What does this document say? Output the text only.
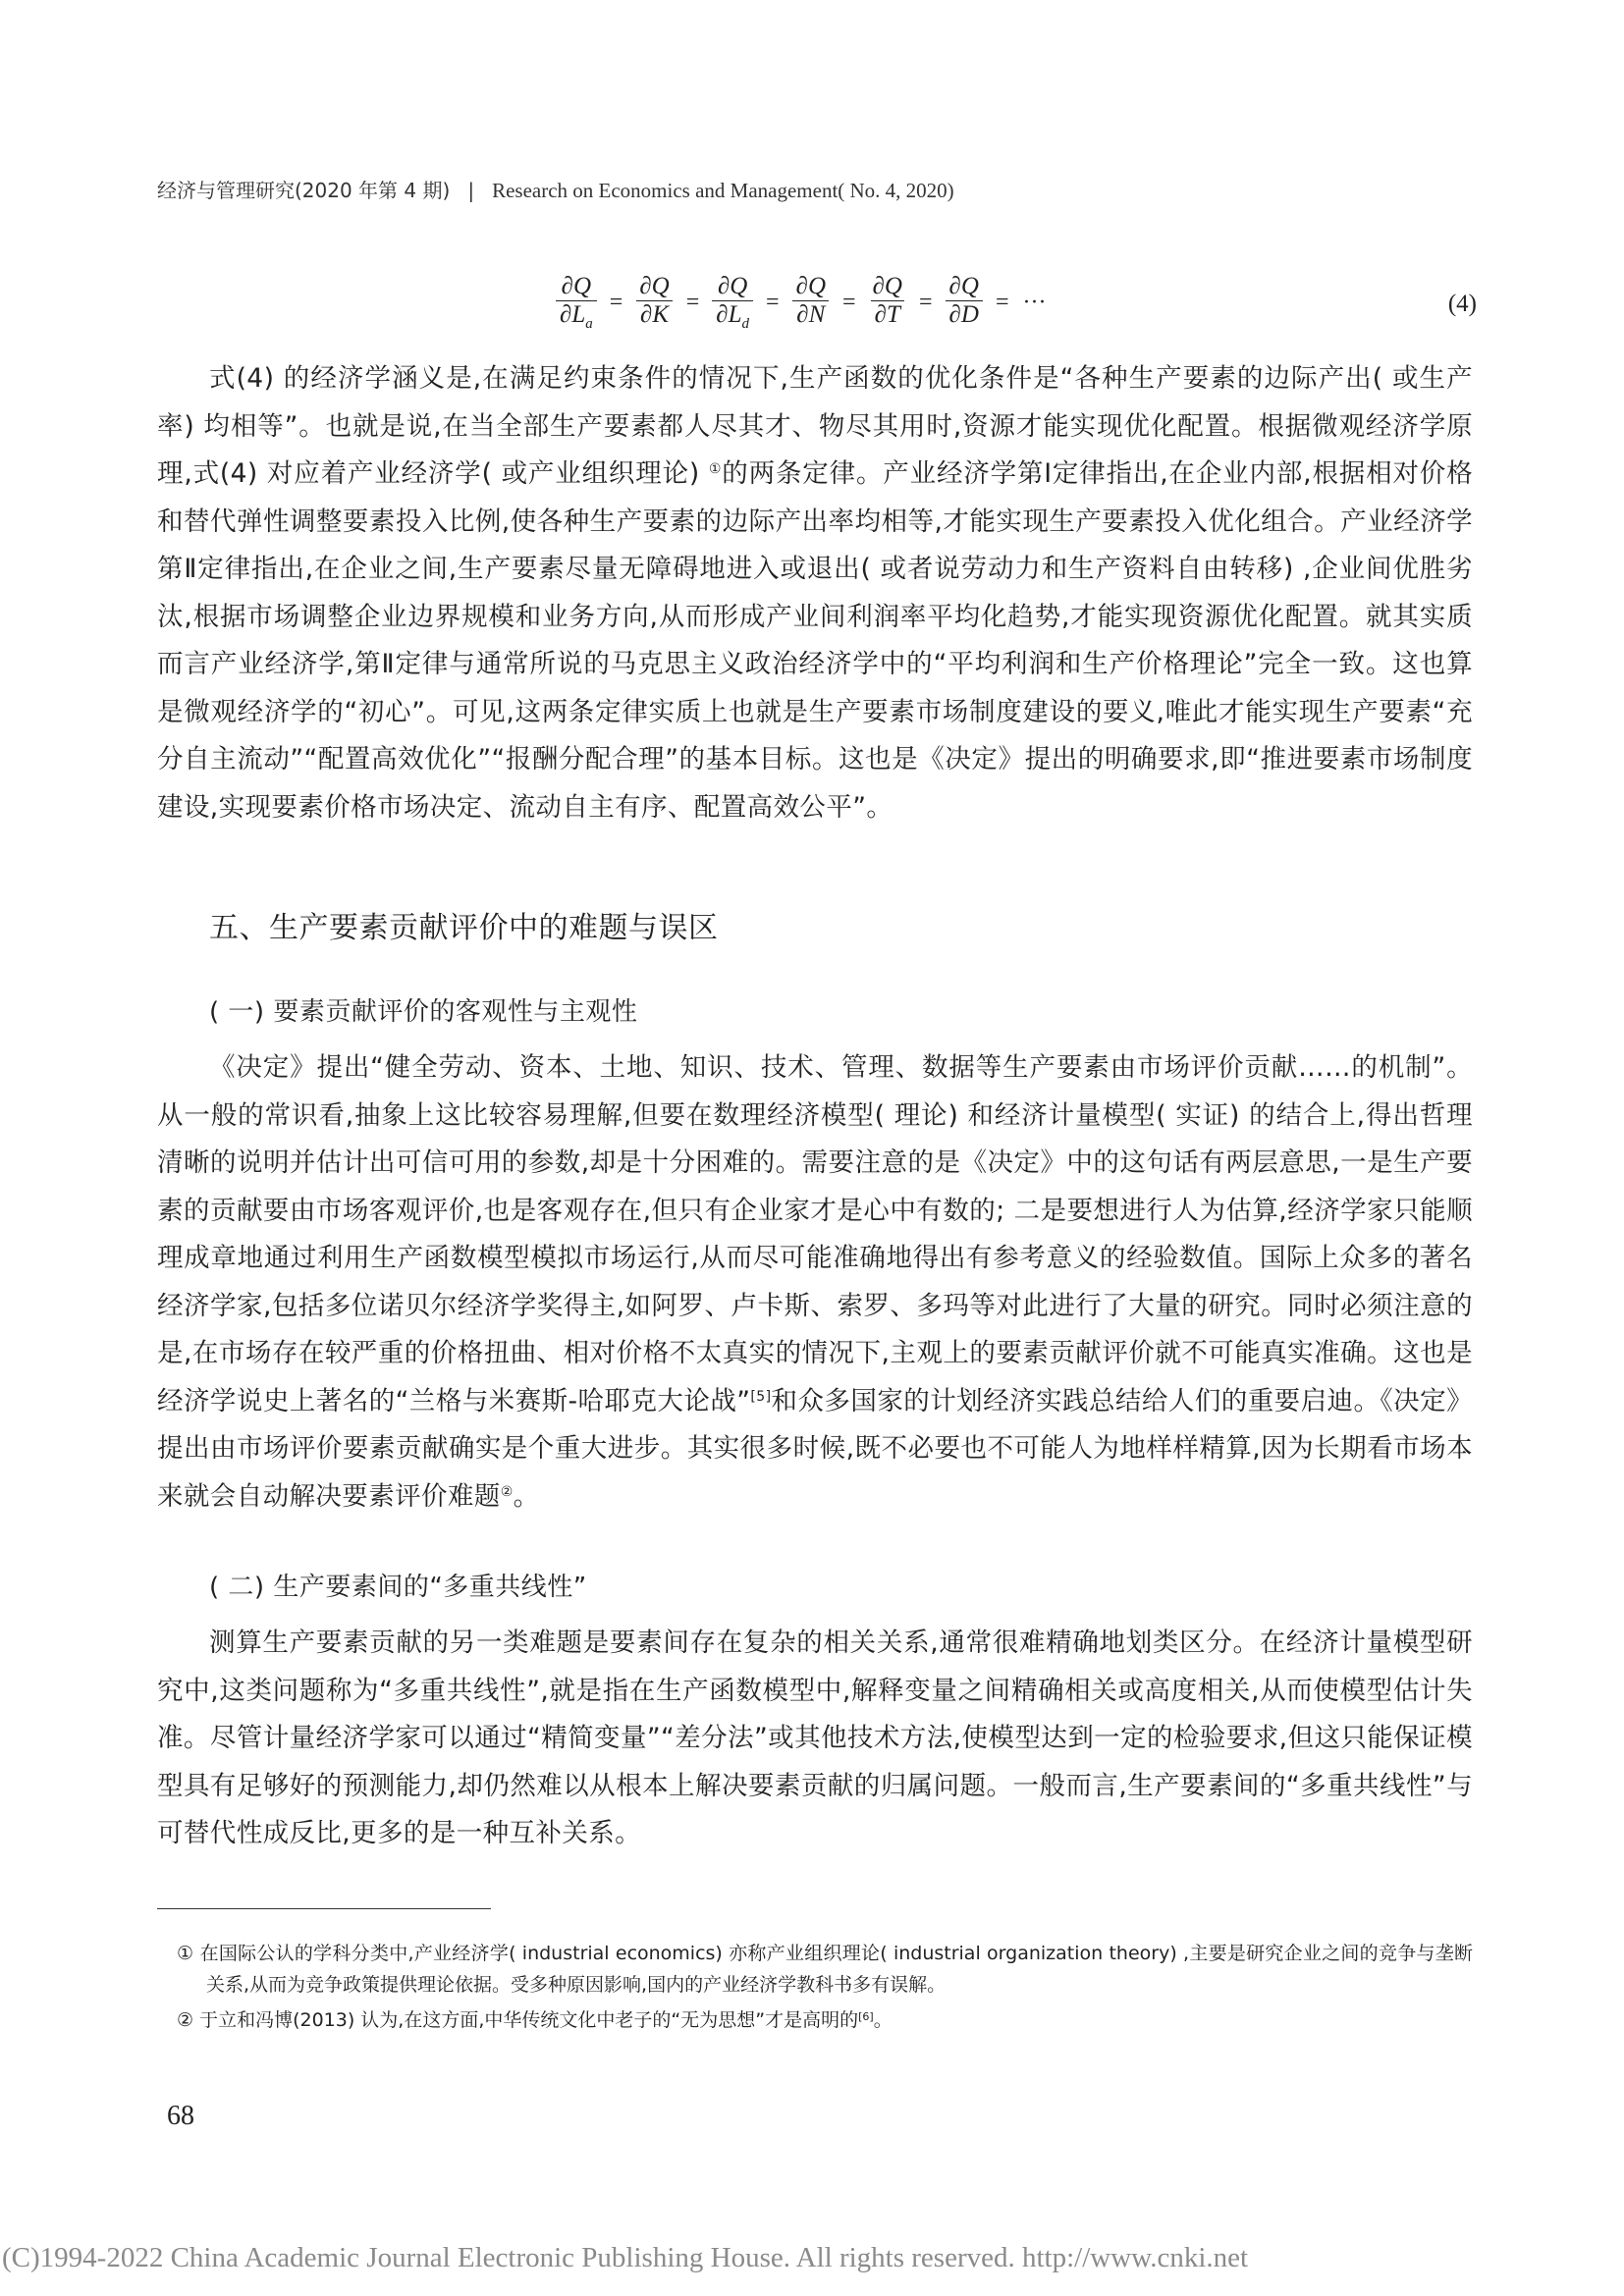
经济与管理研究(2020 年第 4 期) | Research on Economics and Management( No. 4, 2020)
$\frac{\partial Q}{\partial L_a} = \frac{\partial Q}{\partial K} = \frac{\partial Q}{\partial L_d} = \frac{\partial Q}{\partial N} = \frac{\partial Q}{\partial T} = \frac{\partial Q}{\partial D}$ = ···	(4)

式(4) 的经济学涵义是,在满足约束条件的情况下,生产函数的优化条件是“各种生产要素的边际产出( 或生产率) 均相等”。也就是说,在当全部生产要素都人尽其才、物尽其用时,资源才能实现优化配置。根据微观经济学原理,式(4) 对应着产业经济学( 或产业组织理论) ①的两条定律。产业经济学第Ⅰ定律指出,在企业内部,根据相对价格和替代弹性调整要素投入比例,使各种生产要素的边际产出率均相等,才能实现生产要素投入优化组合。产业经济学第Ⅱ定律指出,在企业之间,生产要素尽量无障碍地进入或退出( 或者说劳动力和生产资料自由转移) ,企业间优胜劣汰,根据市场调整企业边界规模和业务方向,从而形成产业间利润率平均化趋势,才能实现资源优化配置。就其实质而言产业经济学,第Ⅱ定律与通常所说的马克思主义政治经济学中的“平均利润和生产价格理论”完全一致。这也算是微观经济学的“初心”。可见,这两条定律实质上也就是生产要素市场制度建设的要义,唯此才能实现生产要素“充分自主流动”“配置高效优化”“报酬分配合理”的基本目标。这也是《决定》提出的明确要求,即“推进要素市场制度建设,实现要素价格市场决定、流动自主有序、配置高效公平”。

五、生产要素贡献评价中的难题与误区
( 一) 要素贡献评价的客观性与主观性

《决定》提出“健全劳动、资本、土地、知识、技术、管理、数据等生产要素由市场评价贡献……的机制”。从一般的常识看,抽象上这比较容易理解,但要在数理经济模型( 理论) 和经济计量模型( 实证) 的结合上,得出哲理清晰的说明并估计出可信可用的参数,却是十分困难的。需要注意的是《决定》中的这句话有两层意思,一是生产要素的贡献要由市场客观评价,也是客观存在,但只有企业家才是心中有数的; 二是要想进行人为估算,经济学家只能顺理成章地通过利用生产函数模型模拟市场运行,从而尽可能准确地得出有参考意义的经验数值。国际上众多的著名经济学家,包括多位诺贝尔经济学奖得主,如阿罗、卢卡斯、索罗、多玛等对此进行了大量的研究。同时必须注意的是,在市场存在较严重的价格扭曲、相对价格不太真实的情况下,主观上的要素贡献评价就不可能真实准确。这也是经济学说史上著名的“兰格与米赛斯-哈耶克大论战”[5]和众多国家的计划经济实践总结给人们的重要启迪。《决定》提出由市场评价要素贡献确实是个重大进步。其实很多时候,既不必要也不可能人为地样样精算,因为长期看市场本来就会自动解决要素评价难题②。

( 二) 生产要素间的“多重共线性”

测算生产要素贡献的另一类难题是要素间存在复杂的相关关系,通常很难精确地划类区分。在经济计量模型研究中,这类问题称为“多重共线性”,就是指在生产函数模型中,解释变量之间精确相关或高度相关,从而使模型估计失准。尽管计量经济学家可以通过“精简变量”“差分法”或其他技术方法,使模型达到一定的检验要求,但这只能保证模型具有足够好的预测能力,却仍然难以从根本上解决要素贡献的归属问题。一般而言,生产要素间的“多重共线性”与可替代性成反比,更多的是一种互补关系。

① 在国际公认的学科分类中,产业经济学( industrial economics) 亦称产业组织理论( industrial organization theory) ,主要是研究企业之间的竞争与垄断关系,从而为竞争政策提供理论依据。受多种原因影响,国内的产业经济学教科书多有误解。
② 于立和冯博(2013) 认为,在这方面,中华传统文化中老子的“无为思想”才是高明的[6]。
68
(C)1994-2022 China Academic Journal Electronic Publishing House. All rights reserved. http://www.cnki.net
